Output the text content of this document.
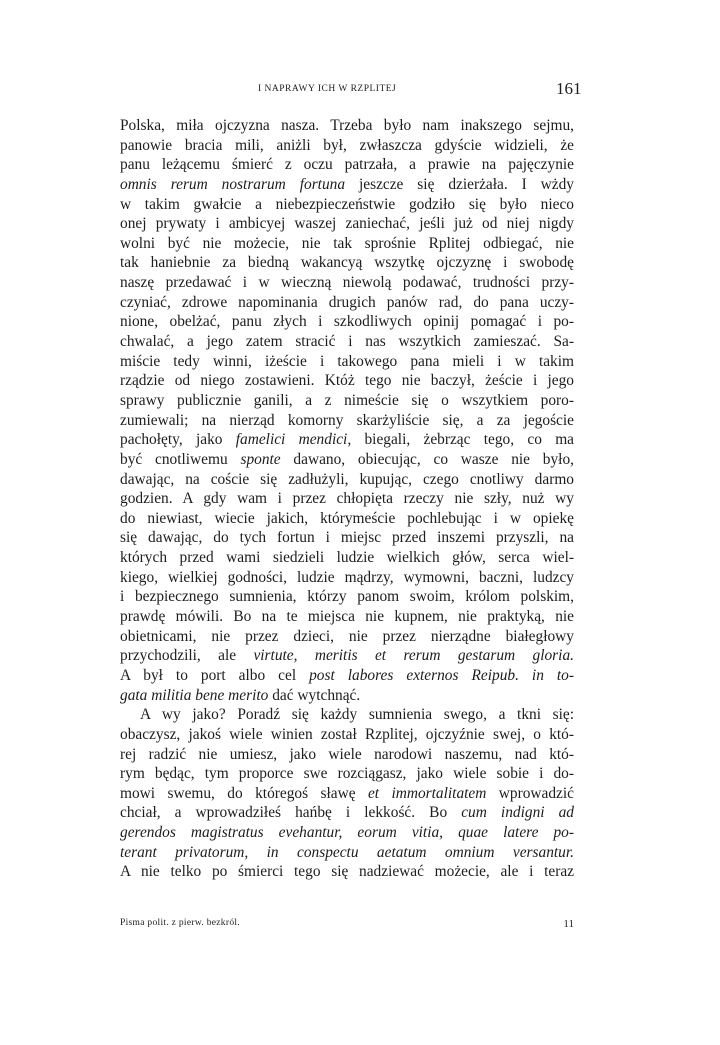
I NAPRAWY ICH W RZPLITEJ	161
Polska, miła ojczyzna nasza. Trzeba było nam inakszego sejmu,
panowie bracia mili, aniżli był, zwłaszcza gdyście widzieli, że
panu leżącemu śmierć z oczu patrzała, a prawie na pajęczynie
omnis rerum nostrarum fortuna jeszcze się dzierżała. I wżdy
w takim gwałcie a niebezpieczeństwie godziło się było nieco
onej prywaty i ambicyej waszej zaniechać, jeśli już od niej nigdy
wolni być nie możecie, nie tak sprośnie Rplitej odbiegać, nie
tak haniebnie za biedną wakancyą wszytkę ojczyznę i swobodę
naszę przedawać i w wieczną niewolą podawać, trudności przy-
czyniać, zdrowe napominania drugich panów rad, do pana uczy-
nione, obelżać, panu złych i szkodliwych opinij pomagać i po-
chwalać, a jego zatem stracić i nas wszytkich zamieszać. Sa-
miście tedy winni, iżeście i takowego pana mieli i w takim
rządzie od niego zostawieni. Któż tego nie baczył, żeście i jego
sprawy publicznie ganili, a z nimeście się o wszytkiem poro-
zumiewali; na nierząd komorny skarżyliście się, a za jegoście
pachołęty, jako famelici mendici, biegali, żebrząc tego, co ma
być cnotliwemu sponte dawano, obiecując, co wasze nie było,
dawając, na coście się zadłużyli, kupując, czego cnotliwy darmo
godzien. A gdy wam i przez chłopięta rzeczy nie szły, nuż wy
do niewiast, wiecie jakich, którymeście pochlebując i w opiekę
się dawając, do tych fortun i miejsc przed inszemi przyszli, na
których przed wami siedzieli ludzie wielkich głów, serca wiel-
kiego, wielkiej godności, ludzie mądrzy, wymowni, baczni, ludzcy
i bezpiecznego sumnienia, którzy panom swoim, królom polskim,
prawdę mówili. Bo na te miejsca nie kupnem, nie praktyką, nie
obietnicami, nie przez dzieci, nie przez nierządne białegłowy
przychodzili, ale virtute, meritis et rerum gestarum gloria.
A był to port albo cel post labores externos Reipub. in to-
gata militia bene merito dać wytchnąć.
A wy jako? Poradź się każdy sumnienia swego, a tkni się:
obaczysz, jakoś wiele winien został Rzplitej, ojczyźnie swej, o któ-
rej radzić nie umiesz, jako wiele narodowi naszemu, nad któ-
rym będąc, tym proporce swe rozciągasz, jako wiele sobie i do-
mowi swemu, do któregoś sławę et immortalitatem wprowadzić
chciał, a wprowadziłeś hańbę i lekkość. Bo cum indigni ad
gerendos magistratus evehantur, eorum vitia, quae latere po-
terant privatorum, in conspectu aetatum omnium versantur.
A nie telko po śmierci tego się nadziewać możecie, ale i teraz
Pisma polit. z pierw. bezkról.	11
